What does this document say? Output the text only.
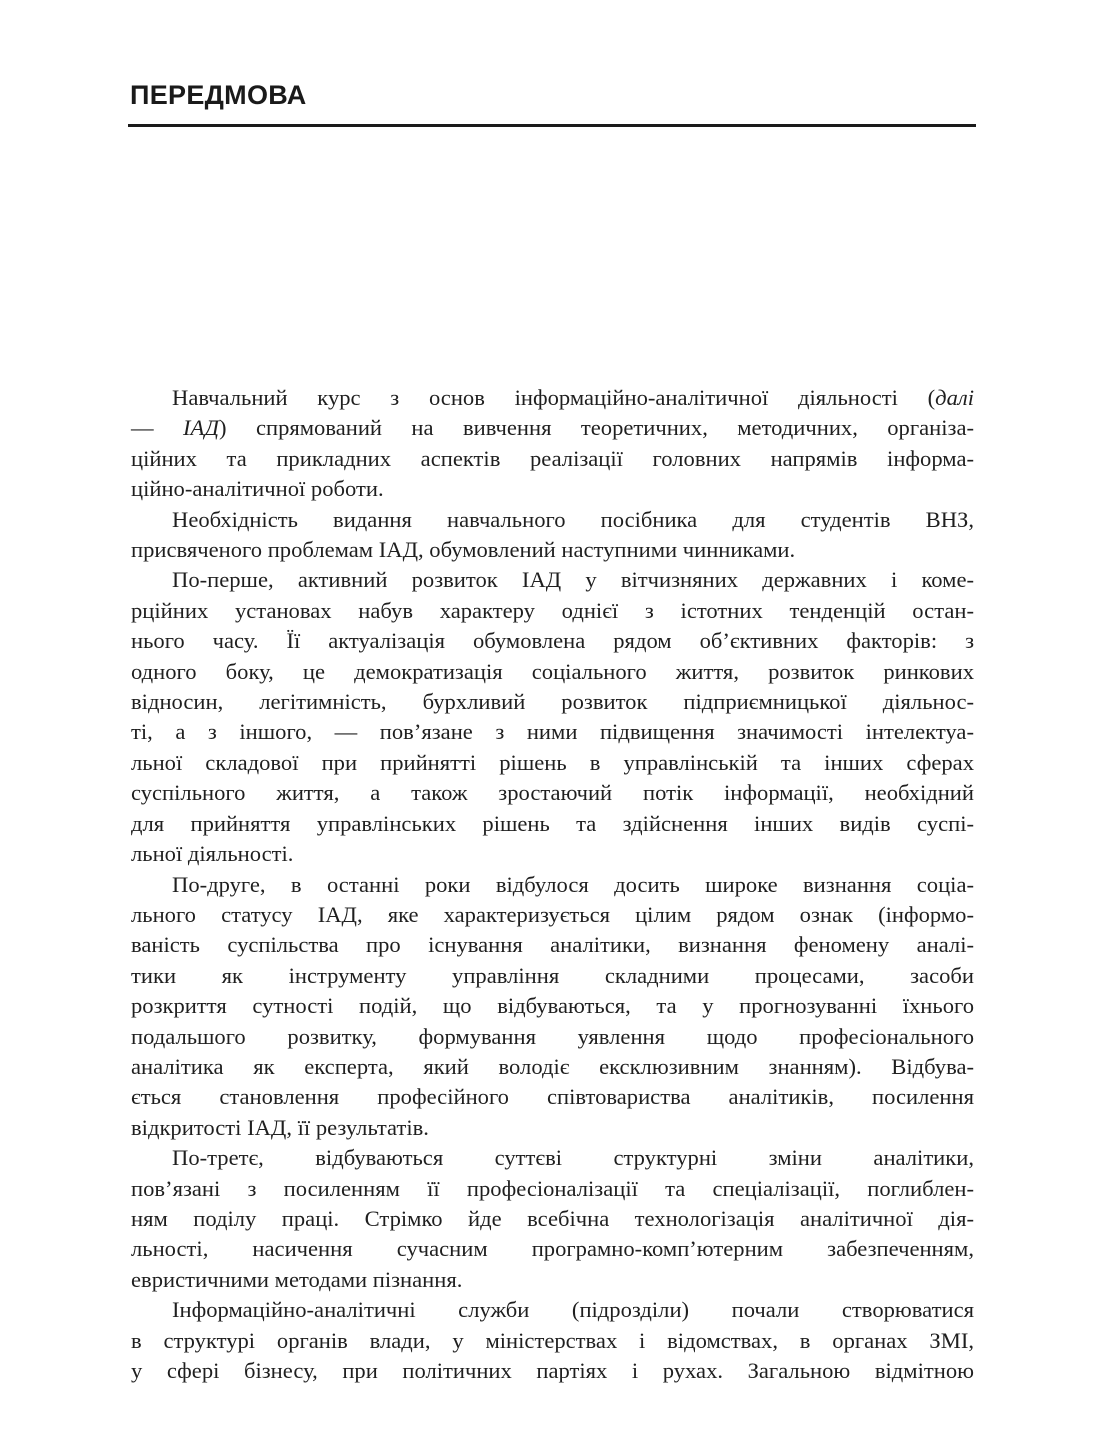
ПЕРЕДМОВА
Навчальний курс з основ інформаційно-аналітичної діяльності (далі
— ІАД) спрямований на вивчення теоретичних, методичних, організа-
ційних та прикладних аспектів реалізації головних напрямів інформа-
ційно-аналітичної роботи.
Необхідність видання навчального посібника для студентів ВНЗ,
присвяченого проблемам ІАД, обумовлений наступними чинниками.
По-перше, активний розвиток ІАД у вітчизняних державних і коме-
рційних установах набув характеру однієї з істотних тенденцій остан-
нього часу. Її актуалізація обумовлена рядом об’єктивних факторів: з
одного боку, це демократизація соціального життя, розвиток ринкових
відносин, легітимність, бурхливий розвиток підприємницької діяльнос-
ті, а з іншого, — пов’язане з ними підвищення значимості інтелектуа-
льної складової при прийнятті рішень в управлінській та інших сферах
суспільного життя, а також зростаючий потік інформації, необхідний
для прийняття управлінських рішень та здійснення інших видів суспі-
льної діяльності.
По-друге, в останні роки відбулося досить широке визнання соціа-
льного статусу ІАД, яке характеризується цілим рядом ознак (інформо-
ваність суспільства про існування аналітики, визнання феномену аналі-
тики як інструменту управління складними процесами, засоби
розкриття сутності подій, що відбуваються, та у прогнозуванні їхнього
подальшого розвитку, формування уявлення щодо професіонального
аналітика як експерта, який володіє ексклюзивним знанням). Відбува-
ється становлення професійного співтовариства аналітиків, посилення
відкритості ІАД, її результатів.
По-третє, відбуваються суттєві структурні зміни аналітики,
пов’язані з посиленням її професіоналізації та спеціалізації, поглиблен-
ням поділу праці. Стрімко йде всебічна технологізація аналітичної дія-
льності, насичення сучасним програмно-комп’ютерним забезпеченням,
евристичними методами пізнання.
Інформаційно-аналітичні служби (підрозділи) почали створюватися
в структурі органів влади, у міністерствах і відомствах, в органах ЗМІ,
у сфері бізнесу, при політичних партіях і рухах. Загальною відмітною
